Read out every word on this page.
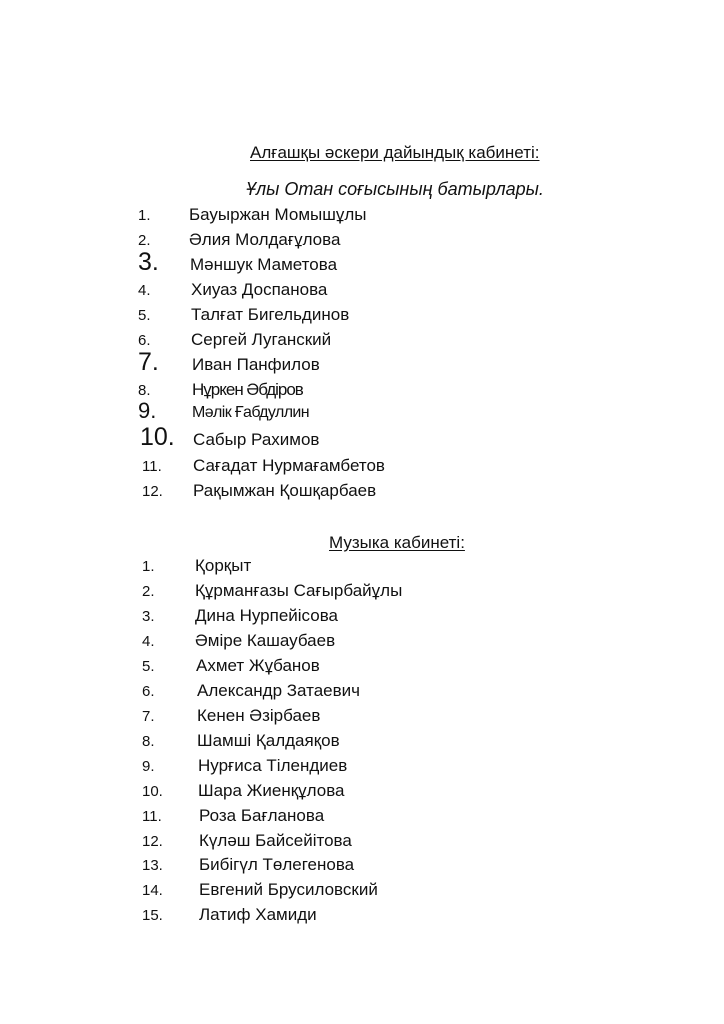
Алғашқы әскери дайындық кабинеті:
Ұлы Отан соғысының батырлары.
1. Бауыржан Момышұлы
2. Әлия Молдағұлова
3. Мәншук Маметова
4. Хиуаз Доспанова
5. Талғат Бигельдинов
6. Сергей Луганский
7. Иван Панфилов
8. Нұркен Әбдіров
9. Мәлік Ғабдуллин
10. Сабыр Рахимов
11. Сағадат Нурмағамбетов
12. Рақымжан Қошқарбаев
Музыка кабинеті:
1. Қорқыт
2. Құрманғазы Сағырбайұлы
3. Дина Нурпейісова
4. Әміре Кашаубаев
5. Ахмет Жұбанов
6. Александр Затаевич
7. Кенен Әзірбаев
8. Шамші Қалдаяқов
9.	Нурғиса Тілендиев
10. Шара Жиенқұлова
11. Роза Бағланова
12. Күләш Байсейітова
13. Бибігүл Төлегенова
14. Евгений Брусиловский
15. Латиф Хамиди
